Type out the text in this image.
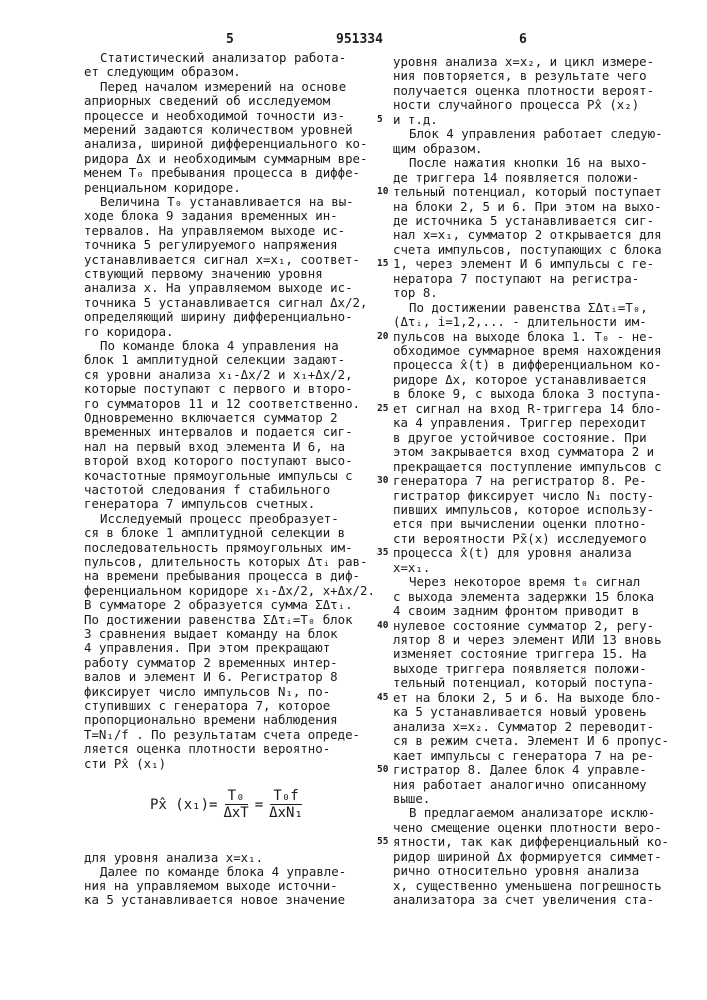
5	951334	6
Статистический анализатор работа-
ет следующим образом.
Перед началом измерений на основе
априорных сведений об исследуемом
процессе и необходимой точности из-
мерений задаются количеством уровней
анализа, шириной дифференциального ко-
ридора Δx и необходимым суммарным вре-
менем T₀ пребывания процесса в диффе-
ренциальном коридоре.
Величина T₀ устанавливается на вы-
ходе блока 9 задания временных ин-
тервалов. На управляемом выходе ис-
точника 5 регулируемого напряжения
устанавливается сигнал x=x₁, соответ-
ствующий первому значению уровня
анализа x. На управляемом выходе ис-
точника 5 устанавливается сигнал Δx/2,
определяющий ширину дифференциально-
го коридора.
По команде блока 4 управления на
блок 1 амплитудной селекции задают-
ся уровни анализа x₁-Δx/2 и x₁+Δx/2,
которые поступают с первого и второ-
го сумматоров 11 и 12 соответственно.
Одновременно включается сумматор 2
временных интервалов и подается сиг-
нал на первый вход элемента И 6, на
второй вход которого поступают высо-
кочастотные прямоугольные импульсы с
частотой следования f стабильного
генератора 7 импульсов счетных.
Исследуемый процесс преобразует-
ся в блоке 1 амплитудной селекции в
последовательность прямоугольных им-
пульсов, длительность которых Δτᵢ рав-
на времени пребывания процесса в диф-
ференциальном коридоре x₁-Δx/2, x+Δx/2.
В сумматоре 2 образуется сумма ΣΔτᵢ.
По достижении равенства ΣΔτᵢ=T₀ блок
3 сравнения выдает команду на блок
4 управления. При этом прекращают
работу сумматор 2 временных интер-
валов и элемент И 6. Регистратор 8
фиксирует число импульсов N₁, по-
ступивших с генератора 7, которое
пропорционально времени наблюдения
T=N₁/f . По результатам счета опреде-
ляется оценка плотности вероятно-
сти Px̂ (x₁)
Px̂ (x₁)=
T₀
ΔxT
=
T₀f
ΔxN₁
для уровня анализа x=x₁.
Далее по команде блока 4 управле-
ния на управляемом выходе источни-
ка 5 устанавливается новое значение
уровня анализа x=x₂, и цикл измере-
ния повторяется, в результате чего
получается оценка плотности вероят-
ности случайного процесса Px̂ (x₂)
и т.д.
Блок 4 управления работает следую-
щим образом.
После нажатия кнопки 16 на выхо-
де триггера 14 появляется положи-
тельный потенциал, который поступает
на блоки 2, 5 и 6. При этом на выхо-
де источника 5 устанавливается сиг-
нал x=x₁, сумматор 2 открывается для
счета импульсов, поступающих с блока
1, через элемент И 6 импульсы с ге-
нератора 7 поступают на регистра-
тор 8.
По достижении равенства ΣΔτᵢ=T₀,
(Δτᵢ, i=1,2,... - длительности им-
пульсов на выходе блока 1. T₀ - не-
обходимое суммарное время нахождения
процесса x̂(t) в дифференциальном ко-
ридоре Δx, которое устанавливается
в блоке 9, с выхода блока 3 поступа-
ет сигнал на вход R-триггера 14 бло-
ка 4 управления. Триггер переходит
в другое устойчивое состояние. При
этом закрывается вход сумматора 2 и
прекращается поступление импульсов с
генератора 7 на регистратор 8. Ре-
гистратор фиксирует число N₁ посту-
пивших импульсов, которое использу-
ется при вычислении оценки плотно-
сти вероятности Px̃(x) исследуемого
процесса x̂(t) для уровня анализа
x=x₁.
Через некоторое время t₀ сигнал
с выхода элемента задержки 15 блока
4 своим задним фронтом приводит в
нулевое состояние сумматор 2, регу-
лятор 8 и через элемент ИЛИ 13 вновь
изменяет состояние триггера 15. На
выходе триггера появляется положи-
тельный потенциал, который поступа-
ет на блоки 2, 5 и 6. На выходе бло-
ка 5 устанавливается новый уровень
анализа x=x₂. Сумматор 2 переводит-
ся в режим счета. Элемент И 6 пропус-
кает импульсы с генератора 7 на ре-
гистратор 8. Далее блок 4 управле-
ния работает аналогично описанному
выше.
В предлагаемом анализаторе исклю-
чено смещение оценки плотности веро-
ятности, так как дифференциальный ко-
ридор шириной Δx формируется симмет-
рично относительно уровня анализа
x, существенно уменьшена погрешность
анализатора за счет увеличения ста-
5
10
15
20
25
30
35
40
45
50
55
